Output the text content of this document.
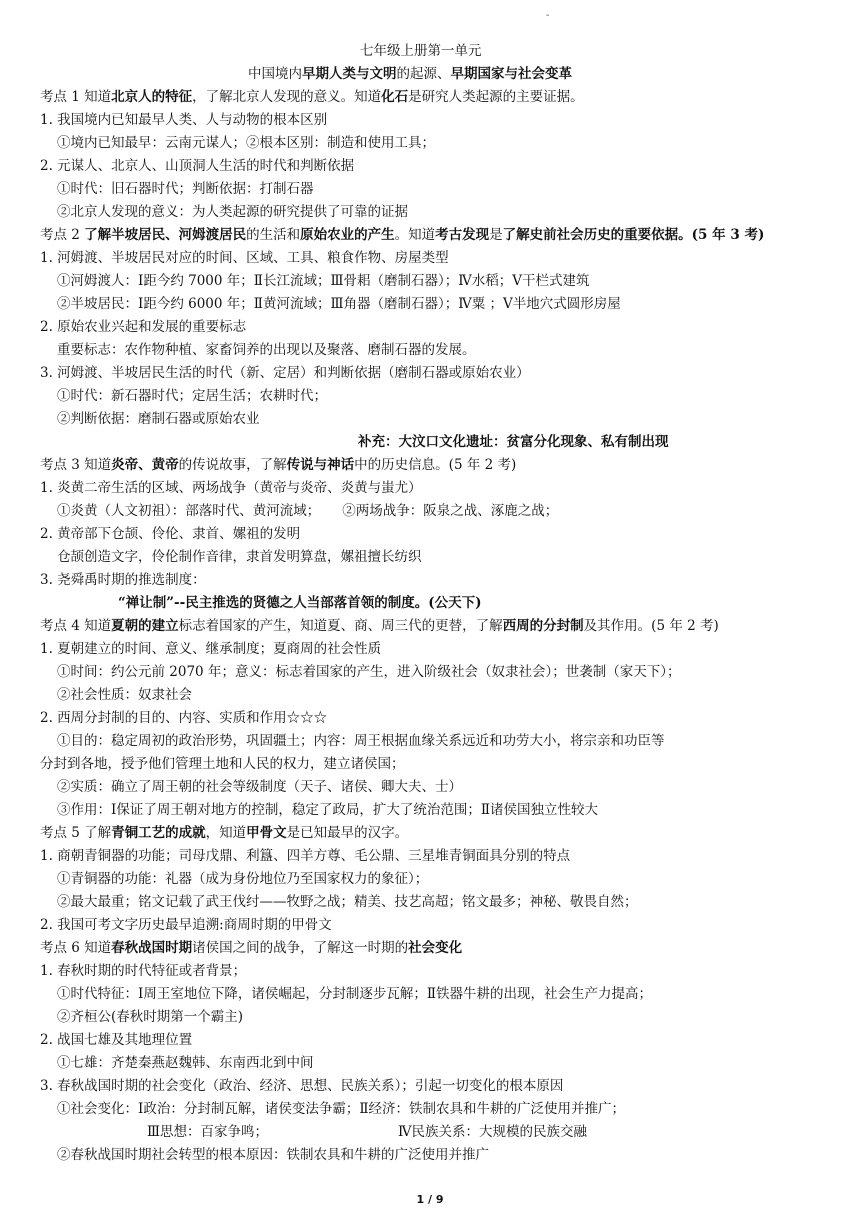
-
七年级上册第一单元
中国境内早期人类与文明的起源、早期国家与社会变革
考点 1 知道北京人的特征，了解北京人发现的意义。知道化石是研究人类起源的主要证据。
1. 我国境内已知最早人类、人与动物的根本区别
①境内已知最早：云南元谋人；②根本区别：制造和使用工具；
2. 元谋人、北京人、山顶洞人生活的时代和判断依据
①时代：旧石器时代；判断依据：打制石器
②北京人发现的意义：为人类起源的研究提供了可靠的证据
考点 2 了解半坡居民、河姆渡居民的生活和原始农业的产生。知道考古发现是了解史前社会历史的重要依据。(5 年 3 考)
1. 河姆渡、半坡居民对应的时间、区域、工具、粮食作物、房屋类型
①河姆渡人：Ⅰ距今约 7000 年；Ⅱ长江流域；Ⅲ骨耜（磨制石器）；Ⅳ水稻；Ⅴ干栏式建筑
②半坡居民：Ⅰ距今约 6000 年；Ⅱ黄河流域；Ⅲ角器（磨制石器）；Ⅳ粟 ；Ⅴ半地穴式圆形房屋
2. 原始农业兴起和发展的重要标志
重要标志：农作物种植、家畜饲养的出现以及聚落、磨制石器的发展。
3. 河姆渡、半坡居民生活的时代（新、定居）和判断依据（磨制石器或原始农业）
①时代：新石器时代；定居生活；农耕时代；
②判断依据：磨制石器或原始农业
补充：大汶口文化遗址：贫富分化现象、私有制出现
考点 3 知道炎帝、黄帝的传说故事，了解传说与神话中的历史信息。(5 年 2 考)
1. 炎黄二帝生活的区域、两场战争（黄帝与炎帝、炎黄与蚩尤）
①炎黄（人文初祖）：部落时代、黄河流域； ②两场战争：阪泉之战、涿鹿之战；
2. 黄帝部下仓颉、伶伦、隶首、嫘祖的发明
仓颉创造文字，伶伦制作音律，隶首发明算盘，嫘祖擅长纺织
3. 尧舜禹时期的推选制度：
“禅让制”--民主推选的贤德之人当部落首领的制度。(公天下)
考点 4 知道夏朝的建立标志着国家的产生，知道夏、商、周三代的更替，了解西周的分封制及其作用。(5 年 2 考)
1. 夏朝建立的时间、意义、继承制度；夏商周的社会性质
①时间：约公元前 2070 年；意义：标志着国家的产生，进入阶级社会（奴隶社会）；世袭制（家天下）；
②社会性质：奴隶社会
2. 西周分封制的目的、内容、实质和作用☆☆☆
①目的：稳定周初的政治形势，巩固疆土；内容：周王根据血缘关系远近和功劳大小，将宗亲和功臣等
分封到各地，授予他们管理土地和人民的权力，建立诸侯国；
②实质：确立了周王朝的社会等级制度（天子、诸侯、卿大夫、士）
③作用：Ⅰ保证了周王朝对地方的控制，稳定了政局，扩大了统治范围；Ⅱ诸侯国独立性较大
考点 5 了解青铜工艺的成就，知道甲骨文是已知最早的汉字。
1. 商朝青铜器的功能；司母戊鼎、利簋、四羊方尊、毛公鼎、三星堆青铜面具分别的特点
①青铜器的功能：礼器（成为身份地位乃至国家权力的象征）；
②最大最重；铭文记载了武王伐纣——牧野之战；精美、技艺高超；铭文最多；神秘、敬畏自然；
2. 我国可考文字历史最早追溯:商周时期的甲骨文
考点 6 知道春秋战国时期诸侯国之间的战争，了解这一时期的社会变化
1. 春秋时期的时代特征或者背景；
①时代特征：Ⅰ周王室地位下降，诸侯崛起，分封制逐步瓦解；Ⅱ铁器牛耕的出现，社会生产力提高；
②齐桓公(春秋时期第一个霸主)
2. 战国七雄及其地理位置
①七雄：齐楚秦燕赵魏韩、东南西北到中间
3. 春秋战国时期的社会变化（政治、经济、思想、民族关系）；引起一切变化的根本原因
①社会变化：Ⅰ政治：分封制瓦解，诸侯变法争霸；Ⅱ经济：铁制农具和牛耕的广泛使用并推广；
Ⅲ思想：百家争鸣；	Ⅳ民族关系：大规模的民族交融
②春秋战国时期社会转型的根本原因：铁制农具和牛耕的广泛使用并推广
1 / 9
